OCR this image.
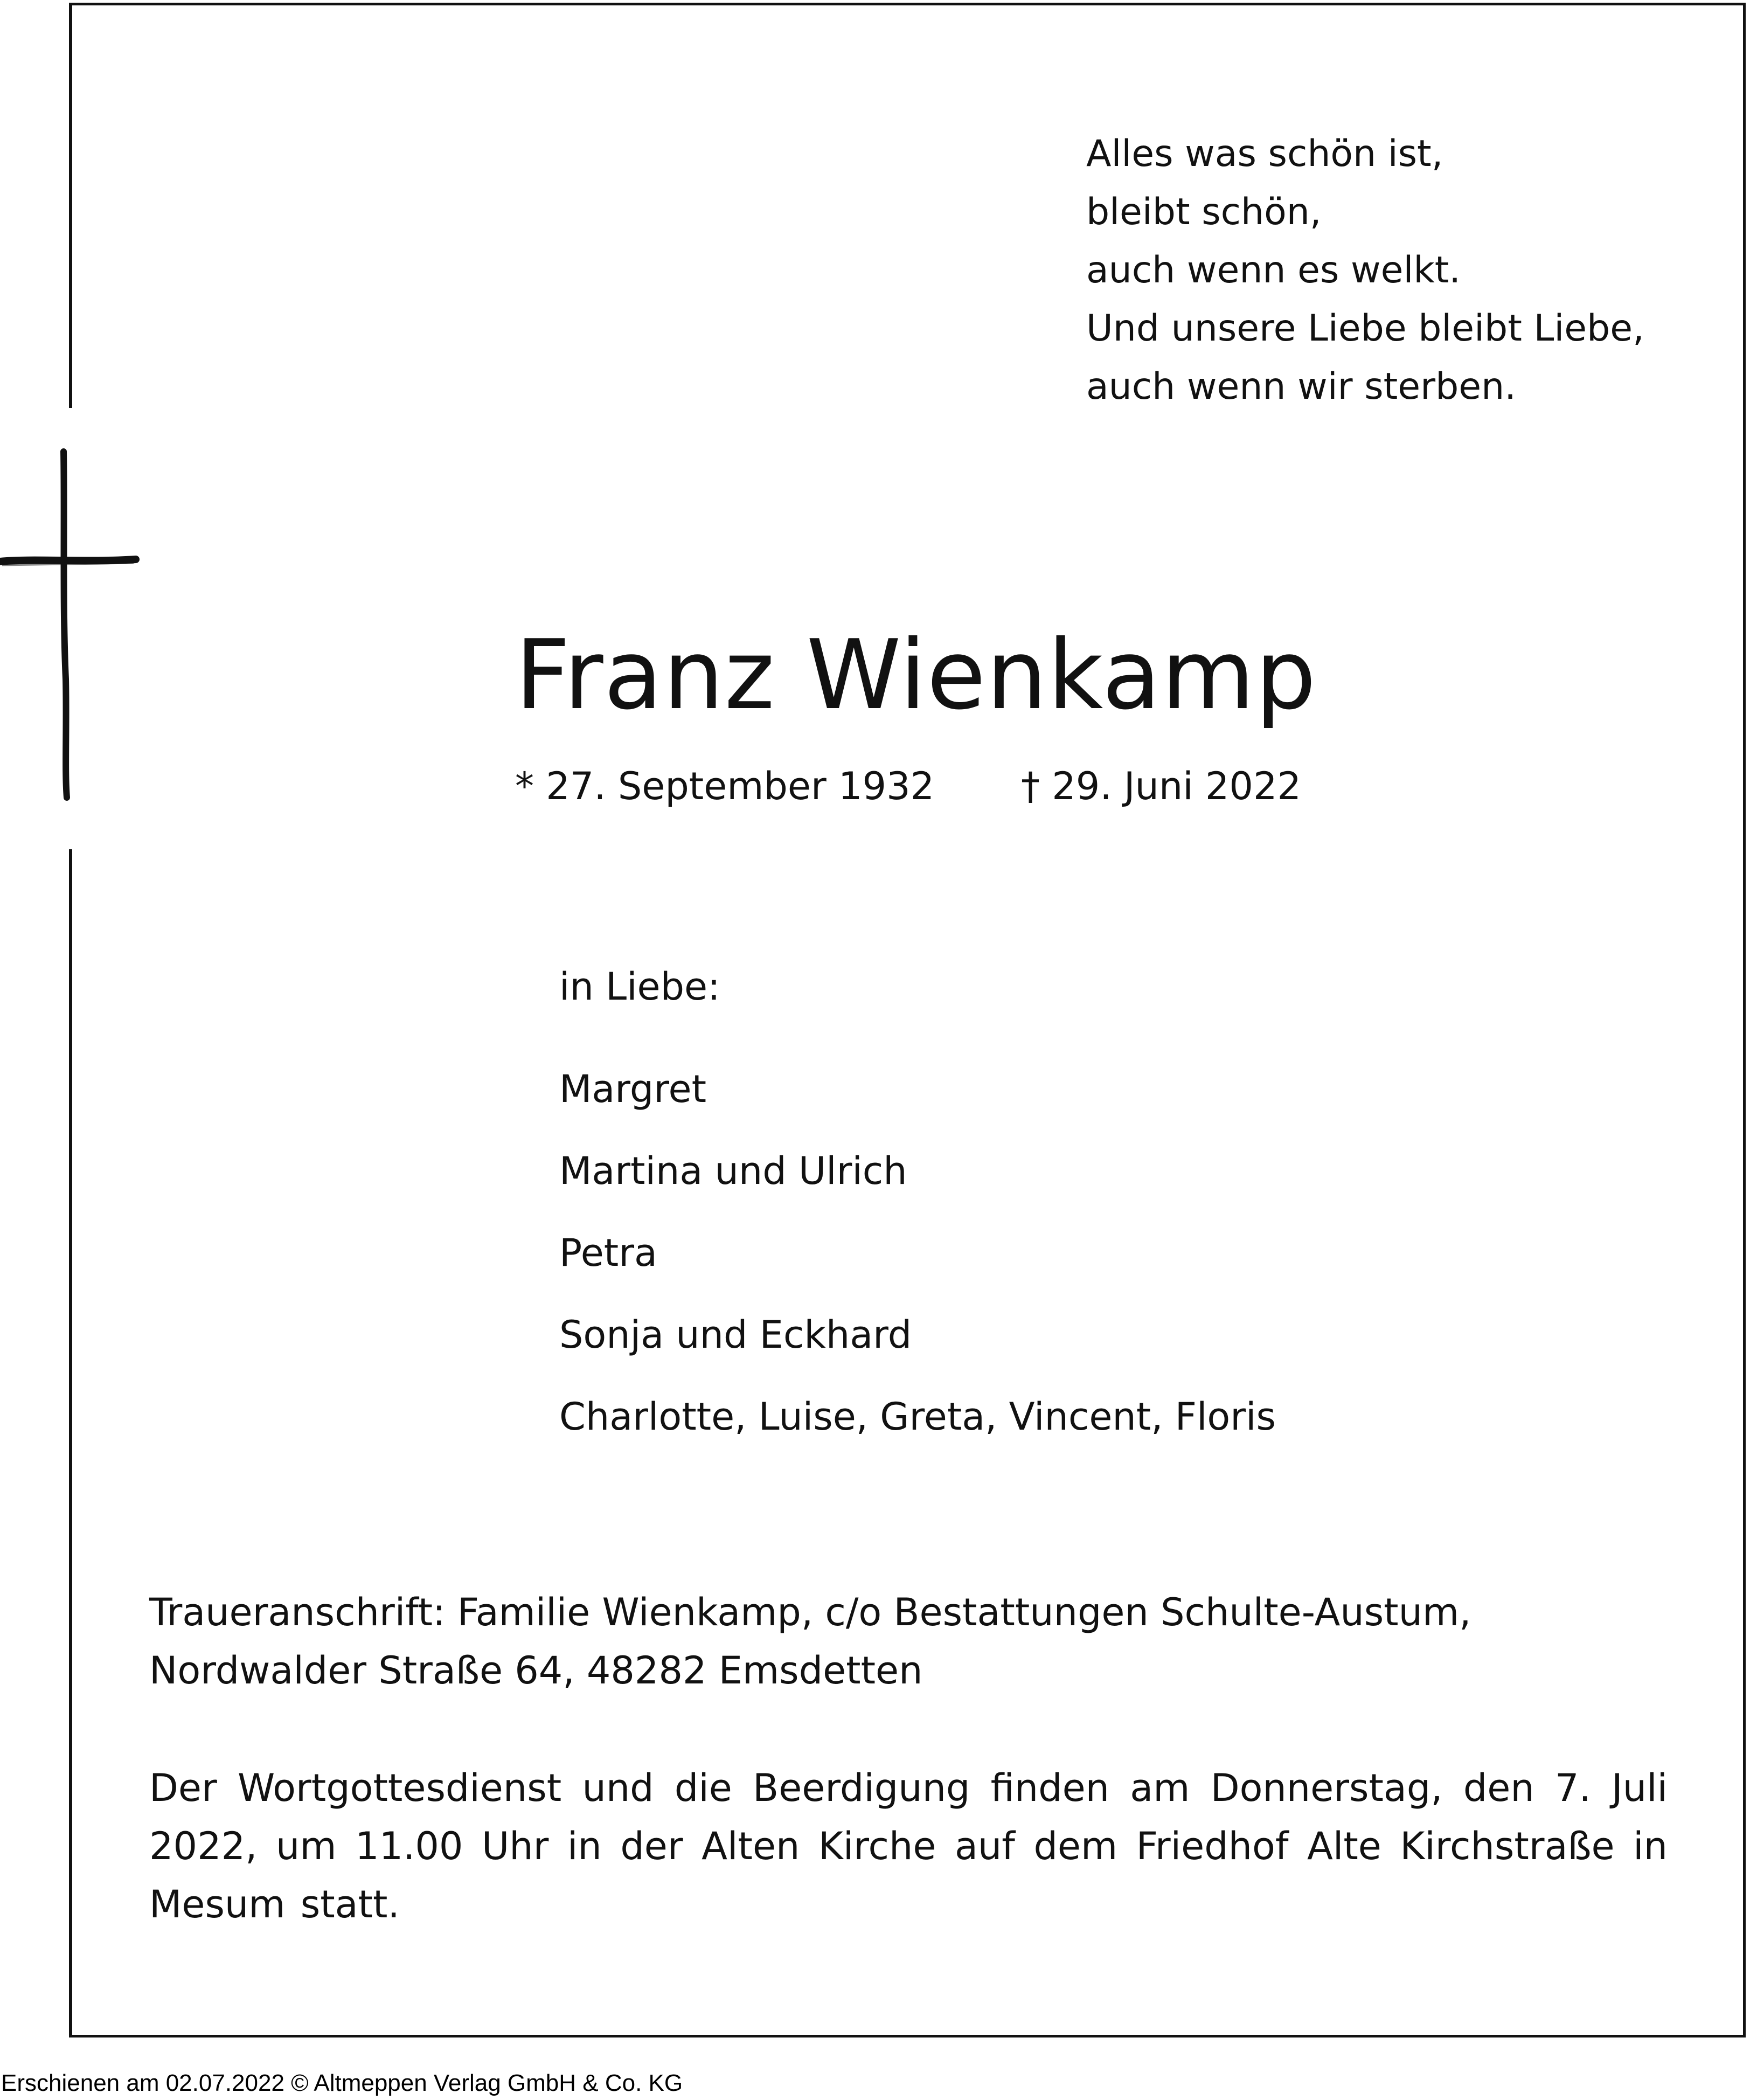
Alles was schön ist,
bleibt schön,
auch wenn es welkt.
Und unsere Liebe bleibt Liebe,
auch wenn wir sterben.
Franz Wienkamp
* 27. September 1932 † 29. Juni 2022
in Liebe:
Margret
Martina und Ulrich
Petra
Sonja und Eckhard
Charlotte, Luise, Greta, Vincent, Floris
Traueranschrift: Familie Wienkamp, c/o Bestattungen Schulte-Austum,
Nordwalder Straße 64, 48282 Emsdetten
Der Wortgottesdienst und die Beerdigung finden am Donnerstag, den 7. Juli 2022, um 11.00 Uhr in der Alten Kirche auf dem Friedhof Alte Kirchstraße in Mesum statt.
Erschienen am 02.07.2022 © Altmeppen Verlag GmbH & Co. KG
